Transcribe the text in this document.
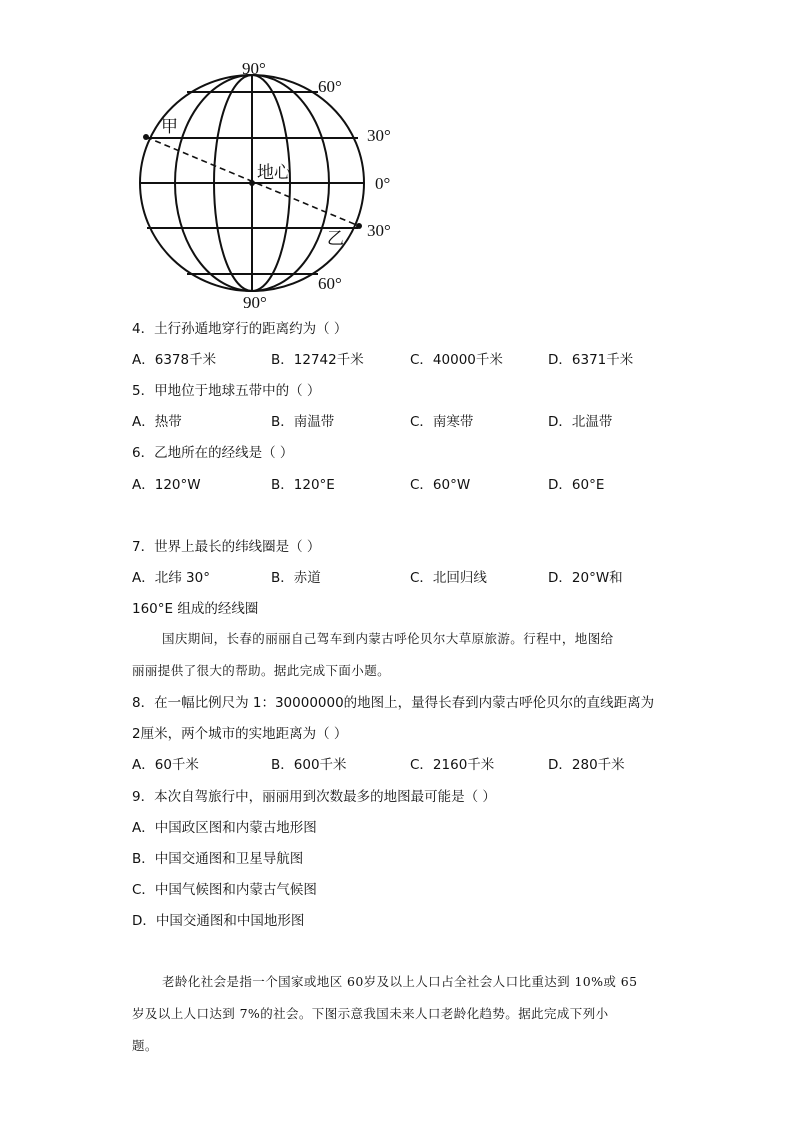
90°
90°
60°
60°
30°
0°
30°
甲
乙
地心
4．土行孙遁地穿行的距离约为（ ）
A．6378千米	B．12742千米	C．40000千米	D．6371千米
5．甲地位于地球五带中的（ ）
A．热带	B．南温带	C．南寒带	D．北温带
6．乙地所在的经线是（ ）
A．120°W	B．120°E	C．60°W	D．60°E
7．世界上最长的纬线圈是（ ）
A．北纬 30°	B．赤道	C．北回归线	D．20°W和
160°E 组成的经线圈
国庆期间，长春的丽丽自己驾车到内蒙古呼伦贝尔大草原旅游。行程中，地图给
丽丽提供了很大的帮助。据此完成下面小题。
8．在一幅比例尺为 1：30000000的地图上，量得长春到内蒙古呼伦贝尔的直线距离为
2厘米，两个城市的实地距离为（ ）
A．60千米	B．600千米	C．2160千米	D．280千米
9．本次自驾旅行中，丽丽用到次数最多的地图最可能是（ ）
A．中国政区图和内蒙古地形图
B．中国交通图和卫星导航图
C．中国气候图和内蒙古气候图
D．中国交通图和中国地形图
老龄化社会是指一个国家或地区 60岁及以上人口占全社会人口比重达到 10%或 65
岁及以上人口达到 7%的社会。下图示意我国未来人口老龄化趋势。据此完成下列小
题。
